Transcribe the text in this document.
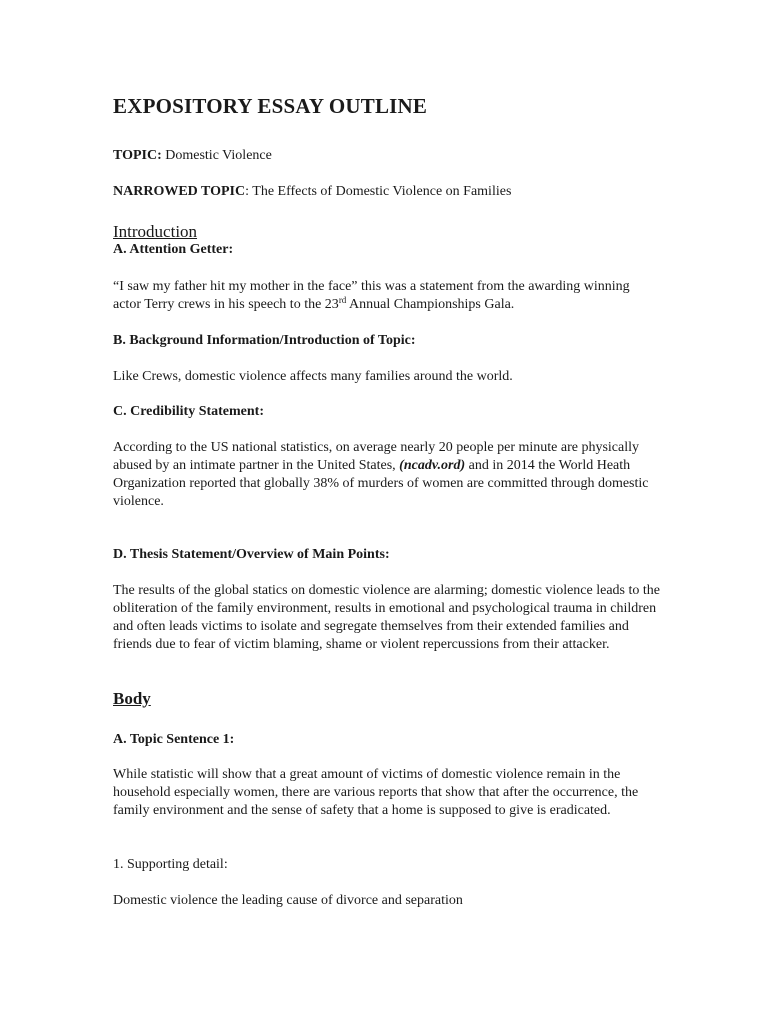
EXPOSITORY ESSAY OUTLINE
TOPIC: Domestic Violence
NARROWED TOPIC: The Effects of Domestic Violence on Families
Introduction
A. Attention Getter:
“I saw my father hit my mother in the face” this was a statement from the awarding winning actor Terry crews in his speech to the 23rd Annual Championships Gala.
B. Background Information/Introduction of Topic:
Like Crews, domestic violence affects many families around the world.
C. Credibility Statement:
According to the US national statistics, on average nearly 20 people per minute are physically abused by an intimate partner in the United States, (ncadv.ord) and in 2014 the World Heath Organization reported that globally 38% of murders of women are committed through domestic violence.
D. Thesis Statement/Overview of Main Points:
The results of the global statics on domestic violence are alarming; domestic violence leads to the obliteration of the family environment, results in emotional and psychological trauma in children and often leads victims to isolate and segregate themselves from their extended families and friends due to fear of victim blaming, shame or violent repercussions from their attacker.
Body
A. Topic Sentence 1:
While statistic will show that a great amount of victims of domestic violence remain in the household especially women, there are various reports that show that after the occurrence, the family environment and the sense of safety that a home is supposed to give is eradicated.
1. Supporting detail:
Domestic violence the leading cause of divorce and separation
